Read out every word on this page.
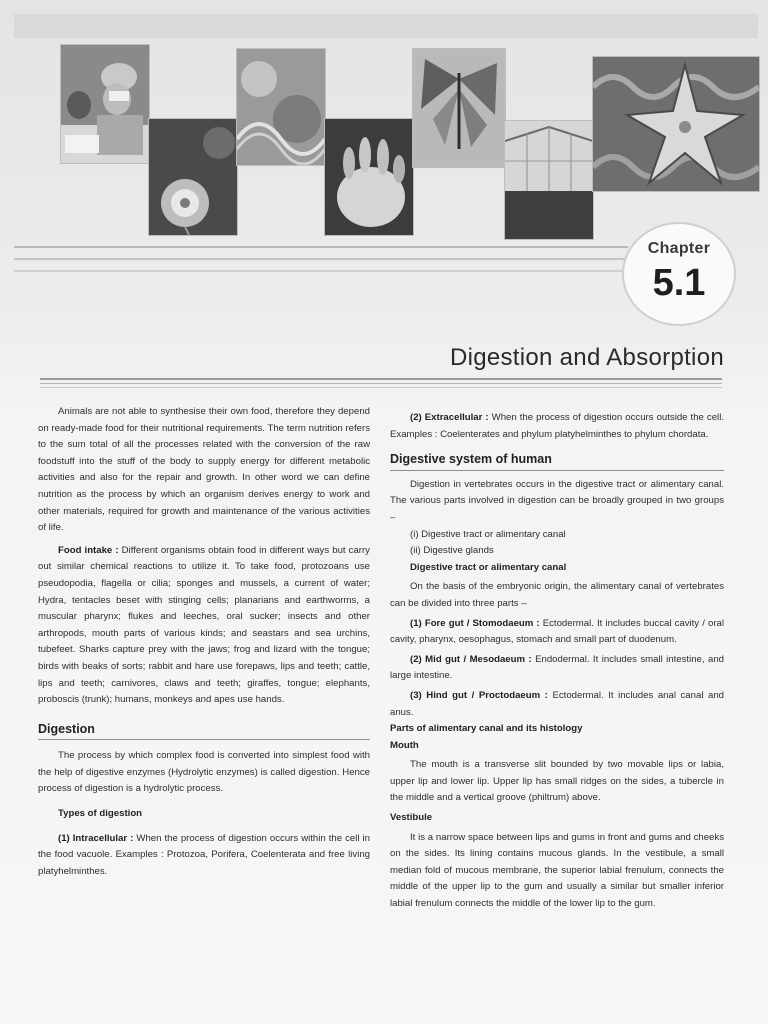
Chapter
5.1
Digestion and Absorption

Animals are not able to synthesise their own food, therefore they depend on ready-made food for their nutritional requirements. The term nutrition refers to the sum total of all the processes related with the conversion of the raw foodstuff into the stuff of the body to supply energy for different metabolic activities and also for the repair and growth. In other word we can define nutrition as the process by which an organism derives energy to work and other materials, required for growth and maintenance of the various activities of life.

Food intake : Different organisms obtain food in different ways but carry out similar chemical reactions to utilize it. To take food, protozoans use pseudopodia, flagella or cilia; sponges and mussels, a current of water; Hydra, tentacles beset with stinging cells; planarians and earthworms, a muscular pharynx; flukes and leeches, oral sucker; insects and other arthropods, mouth parts of various kinds; and seastars and sea urchins, tubefeet. Sharks capture prey with the jaws; frog and lizard with the tongue; birds with beaks of sorts; rabbit and hare use forepaws, lips and teeth; cattle, lips and teeth; carnivores, claws and teeth; giraffes, tongue; elephants, proboscis (trunk); humans, monkeys and apes use hands.

Digestion

The process by which complex food is converted into simplest food with the help of digestive enzymes (Hydrolytic enzymes) is called digestion. Hence process of digestion is a hydrolytic process.

Types of digestion

(1) Intracellular : When the process of digestion occurs within the cell in the food vacuole. Examples : Protozoa, Porifera, Coelenterata and free living platyhelminthes.

(2) Extracellular : When the process of digestion occurs outside the cell. Examples : Coelenterates and phylum platyhelminthes to phylum chordata.

Digestive system of human

Digestion in vertebrates occurs in the digestive tract or alimentary canal. The various parts involved in digestion can be broadly grouped in two groups –

(i) Digestive tract or alimentary canal

(ii) Digestive glands

Digestive tract or alimentary canal

On the basis of the embryonic origin, the alimentary canal of vertebrates can be divided into three parts –

(1) Fore gut / Stomodaeum : Ectodermal. It includes buccal cavity / oral cavity, pharynx, oesophagus, stomach and small part of duodenum.

(2) Mid gut / Mesodaeum : Endodermal. It includes small intestine, and large intestine.

(3) Hind gut / Proctodaeum : Ectodermal. It includes anal canal and anus.

Parts of alimentary canal and its histology

Mouth

The mouth is a transverse slit bounded by two movable lips or labia, upper lip and lower lip. Upper lip has small ridges on the sides, a tubercle in the middle and a vertical groove (philtrum) above.

Vestibule

It is a narrow space between lips and gums in front and gums and cheeks on the sides. Its lining contains mucous glands. In the vestibule, a small median fold of mucous membrane, the superior labial frenulum, connects the middle of the upper lip to the gum and usually a similar but smaller inferior labial frenulum connects the middle of the lower lip to the gum.
